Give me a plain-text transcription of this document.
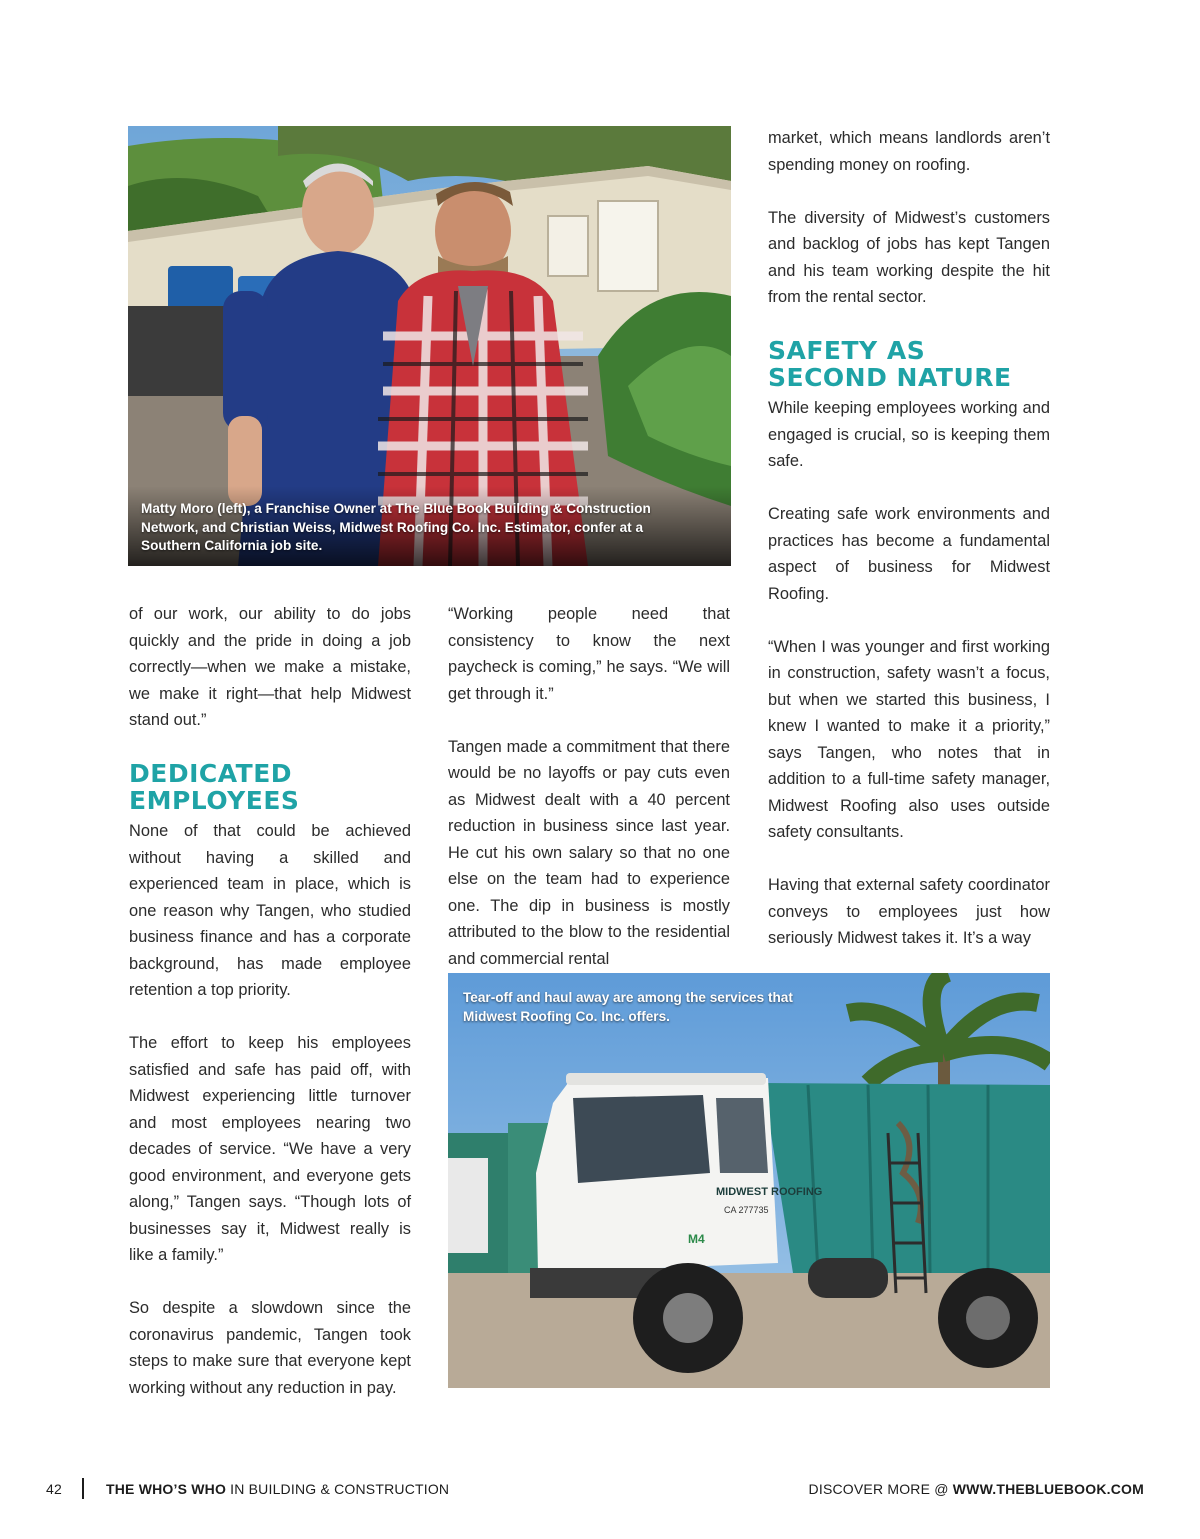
Matty Moro (left), a Franchise Owner at The Blue Book Building & Construction Network, and Christian Weiss, Midwest Roofing Co. Inc. Estimator, confer at a Southern California job site.

of our work, our ability to do jobs quickly and the pride in doing a job correctly—when we make a mistake, we make it right—that help Midwest stand out.”

DEDICATED
EMPLOYEES

None of that could be achieved without having a skilled and experienced team in place, which is one reason why Tangen, who studied business finance and has a corporate background, has made employee retention a top priority.

The effort to keep his employees satisfied and safe has paid off, with Midwest experiencing little turnover and most employees nearing two decades of service. “We have a very good environment, and everyone gets along,” Tangen says. “Though lots of businesses say it, Midwest really is like a family.”

So despite a slowdown since the coronavirus pandemic, Tangen took steps to make sure that everyone kept working without any reduction in pay.

“Working people need that consistency to know the next paycheck is coming,” he says. “We will get through it.”

Tangen made a commitment that there would be no layoffs or pay cuts even as Midwest dealt with a 40 percent reduction in business since last year. He cut his own salary so that no one else on the team had to experience one. The dip in business is mostly attributed to the blow to the residential and commercial rental

market, which means landlords aren’t spending money on roofing.

The diversity of Midwest’s customers and backlog of jobs has kept Tangen and his team working despite the hit from the rental sector.

SAFETY AS
SECOND NATURE

While keeping employees working and engaged is crucial, so is keeping them safe.

Creating safe work environments and practices has become a fundamental aspect of business for Midwest Roofing.

“When I was younger and first working in construction, safety wasn’t a focus, but when we started this business, I knew I wanted to make it a priority,” says Tangen, who notes that in addition to a full-time safety manager, Midwest Roofing also uses outside safety consultants.

Having that external safety coordinator conveys to employees just how seriously Midwest takes it. It’s a way

MIDWEST ROOFING
CA 277735
M4
Tear-off and haul away are among the services that Midwest Roofing Co. Inc. offers.
42	THE WHO’S WHO IN BUILDING & CONSTRUCTION	DISCOVER MORE @ WWW.THEBLUEBOOK.COM
